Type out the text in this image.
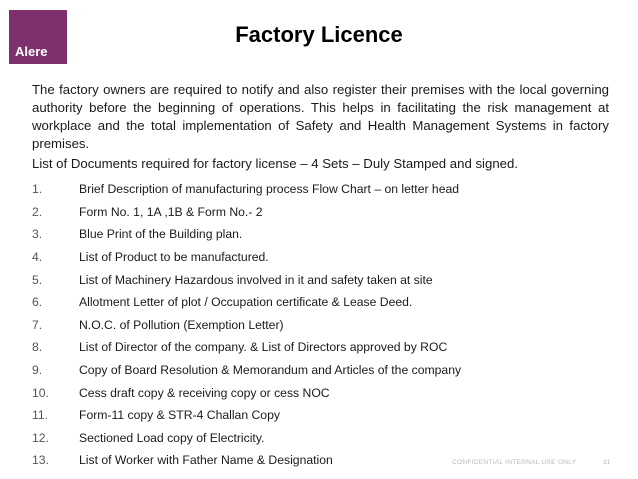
Alere
Factory Licence

The factory owners are required to notify and also register their premises with the local governing authority before the beginning of operations. This helps in facilitating the risk management at workplace and the total implementation of Safety and Health Management Systems in factory premises.

List of Documents required for factory license – 4 Sets – Duly Stamped and signed.

1.	Brief Description of manufacturing process Flow Chart – on letter head
2.	Form No. 1, 1A ,1B & Form No.- 2
3.	Blue Print of the Building plan.
4.	List of Product to be manufactured.
5.	List of Machinery Hazardous involved in it and safety taken at site
6.	Allotment Letter of plot / Occupation certificate & Lease Deed.
7.	N.O.C. of Pollution (Exemption Letter)
8.	List of Director of the company. & List of Directors approved by ROC
9.	Copy of Board Resolution & Memorandum and Articles of the company
10.	Cess draft copy & receiving copy or cess NOC
11.	Form-11 copy & STR-4 Challan Copy
12.	Sectioned Load copy of Electricity.
13.	List of Worker with Father Name & Designation	CONFIDENTIAL INTERNAL USE ONLY	31
